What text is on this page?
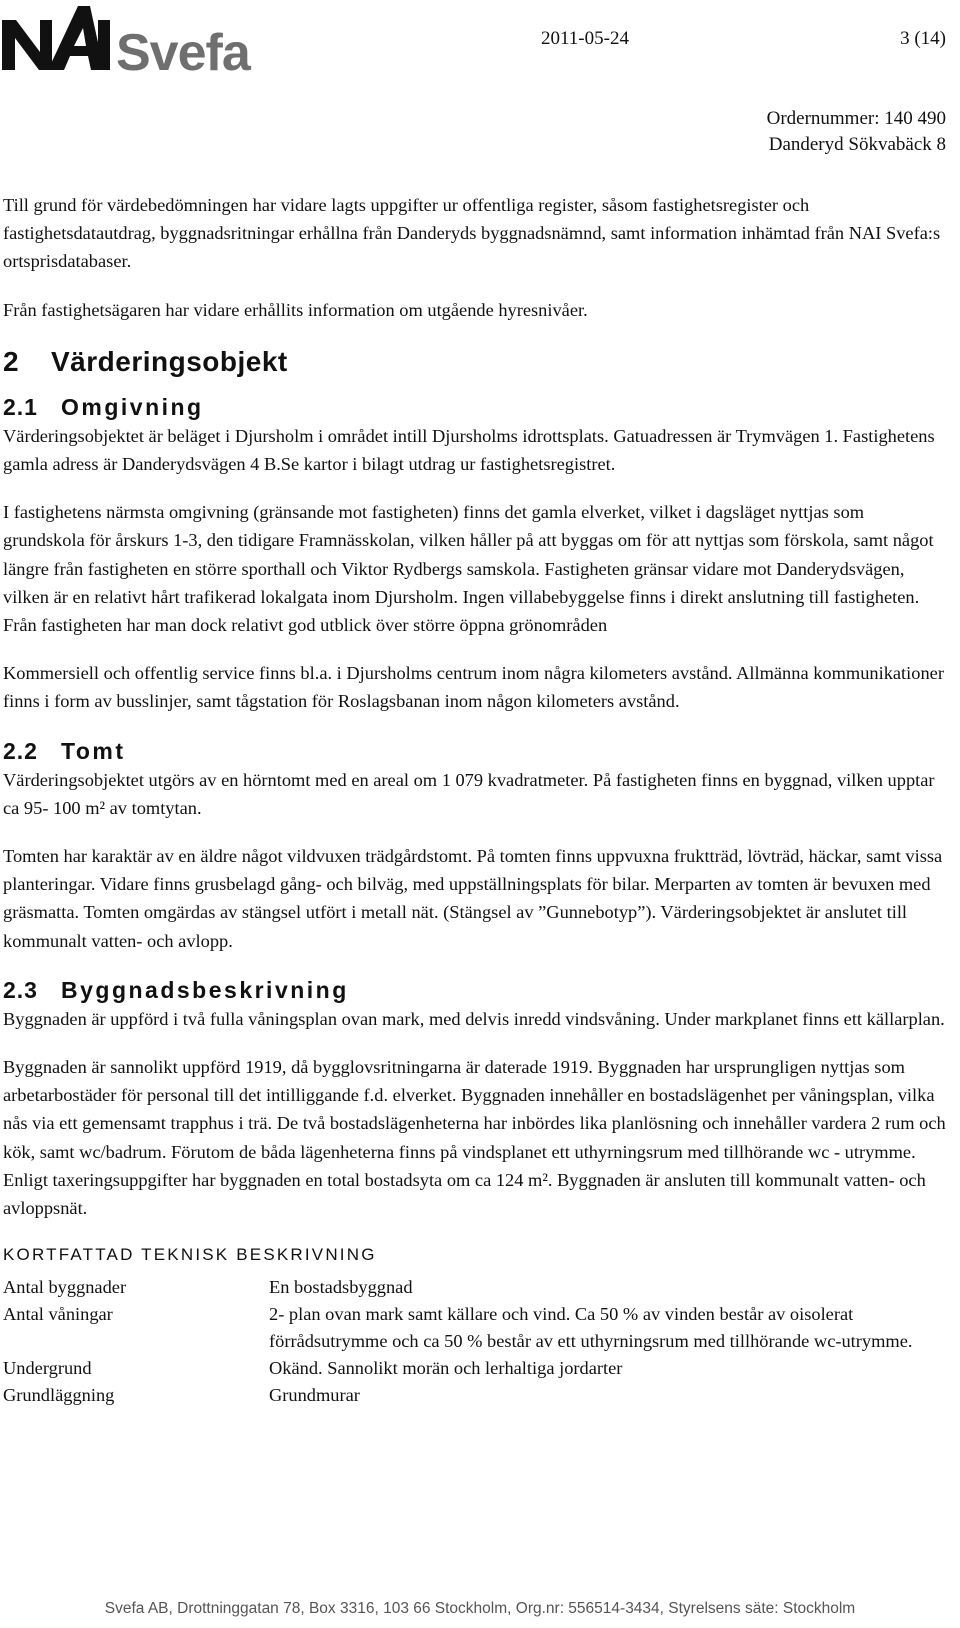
Svefa	2011-05-24	3 (14)
Ordernummer: 140 490
Danderyd Sökvabäck 8

Till grund för värdebedömningen har vidare lagts uppgifter ur offentliga register, såsom fastighetsregister och fastighetsdatautdrag, byggnadsritningar erhållna från Danderyds byggnadsnämnd, samt information inhämtad från NAI Svefa:s ortsprisdatabaser.

Från fastighetsägaren har vidare erhållits information om utgående hyresnivåer.

2 Värderingsobjekt
2.1 Omgivning

Värderingsobjektet är beläget i Djursholm i området intill Djursholms idrottsplats. Gatuadressen är Trymvägen 1. Fastighetens gamla adress är Danderydsvägen 4 B.Se kartor i bilagt utdrag ur fastighetsregistret.

I fastighetens närmsta omgivning (gränsande mot fastigheten) finns det gamla elverket, vilket i dagsläget nyttjas som grundskola för årskurs 1-3, den tidigare Framnässkolan, vilken håller på att byggas om för att nyttjas som förskola, samt något längre från fastigheten en större sporthall och Viktor Rydbergs samskola. Fastigheten gränsar vidare mot Danderydsvägen, vilken är en relativt hårt trafikerad lokalgata inom Djursholm. Ingen villabebyggelse finns i direkt anslutning till fastigheten. Från fastigheten har man dock relativt god utblick över större öppna grönområden

Kommersiell och offentlig service finns bl.a. i Djursholms centrum inom några kilometers avstånd. Allmänna kommunikationer finns i form av busslinjer, samt tågstation för Roslagsbanan inom någon kilometers avstånd.

2.2 Tomt

Värderingsobjektet utgörs av en hörntomt med en areal om 1 079 kvadratmeter. På fastigheten finns en byggnad, vilken upptar ca 95- 100 m² av tomtytan.

Tomten har karaktär av en äldre något vildvuxen trädgårdstomt. På tomten finns uppvuxna fruktträd, lövträd, häckar, samt vissa planteringar. Vidare finns grusbelagd gång- och bilväg, med uppställningsplats för bilar. Merparten av tomten är bevuxen med gräsmatta. Tomten omgärdas av stängsel utfört i metall nät. (Stängsel av ”Gunnebotyp”). Värderingsobjektet är anslutet till kommunalt vatten- och avlopp.

2.3 Byggnadsbeskrivning

Byggnaden är uppförd i två fulla våningsplan ovan mark, med delvis inredd vindsvåning. Under markplanet finns ett källarplan.

Byggnaden är sannolikt uppförd 1919, då bygglovsritningarna är daterade 1919. Byggnaden har ursprungligen nyttjas som arbetarbostäder för personal till det intilliggande f.d. elverket. Byggnaden innehåller en bostadslägenhet per våningsplan, vilka nås via ett gemensamt trapphus i trä. De två bostadslägenheterna har inbördes lika planlösning och innehåller vardera 2 rum och kök, samt wc/badrum. Förutom de båda lägenheterna finns på vindsplanet ett uthyrningsrum med tillhörande wc - utrymme. Enligt taxeringsuppgifter har byggnaden en total bostadsyta om ca 124 m². Byggnaden är ansluten till kommunalt vatten- och avloppsnät.

KORTFATTAD TEKNISK BESKRIVNING
Antal byggnader	En bostadsbyggnad
Antal våningar	2- plan ovan mark samt källare och vind. Ca 50 % av vinden består av oisolerat förrådsutrymme och ca 50 % består av ett uthyrningsrum med tillhörande wc-utrymme.
Undergrund	Okänd. Sannolikt morän och lerhaltiga jordarter
Grundläggning	Grundmurar
Svefa AB, Drottninggatan 78, Box 3316, 103 66 Stockholm, Org.nr: 556514-3434, Styrelsens säte: Stockholm
